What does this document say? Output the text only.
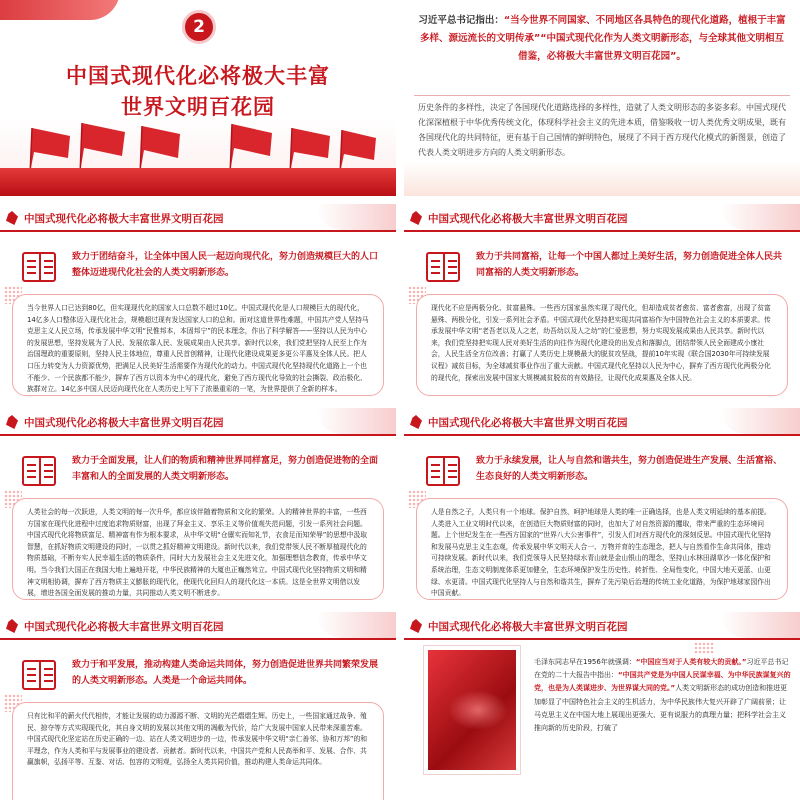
2
中国式现代化必将极大丰富
世界文明百花园
习近平总书记指出：“当今世界不同国家、不同地区各具特色的现代化道路，植根于丰富多样、源远流长的文明传承”“中国式现代化作为人类文明新形态，与全球其他文明相互借鉴，必将极大丰富世界文明百花园”。
历史条件的多样性，决定了各国现代化道路选择的多样性，造就了人类文明形态的多姿多彩。中国式现代化深深植根于中华优秀传统文化，体现科学社会主义的先进本质，借鉴吸收一切人类优秀文明成果，既有各国现代化的共同特征，更有基于自己国情的鲜明特色，展现了不同于西方现代化模式的新图景，创造了代表人类文明进步方向的人类文明新形态。
中国式现代化必将极大丰富世界文明百花园
致力于团结奋斗，让全体中国人民一起迈向现代化，努力创造规模巨大的人口整体迈进现代化社会的人类文明新形态。
当今世界人口已达到80亿，但实现现代化的国家人口总数不超过10亿。中国式现代化是人口规模巨大的现代化，14亿多人口整体迈入现代化社会，规模超过现有发达国家人口的总和。面对这道世界性难题，中国共产党人坚持马克思主义人民立场，传承发展中华文明“民惟邦本，本固邦宁”的民本理念，作出了科学解答——坚持以人民为中心的发展思想，坚持发展为了人民、发展依靠人民、发展成果由人民共享。新时代以来，我们党把坚持人民至上作为治国理政的重要原则，坚持人民主体地位，尊重人民首创精神，让现代化建设成果更多更公平惠及全体人民。把人口压力转变为人力资源优势，把满足人民美好生活需要作为现代化的动力。中国式现代化坚持现代化道路上一个也不能少、一个民族都不能少，摒弃了西方以资本为中心的现代化，避免了西方现代化导致的社会撕裂、政治极化、族群对立。14亿多中国人民迈向现代化在人类历史上写下了浓墨重彩的一笔，为世界提供了全新的样本。
中国式现代化必将极大丰富世界文明百花园
致力于共同富裕，让每一个中国人都过上美好生活，努力创造促进全体人民共同富裕的人类文明新形态。
现代化不应是两极分化、贫富悬殊。一些西方国家虽然实现了现代化，但却造成贫者愈贫、富者愈富，出现了贫富悬殊、两极分化，引发一系列社会矛盾。中国式现代化坚持把实现共同富裕作为中国特色社会主义的本质要求。传承发展中华文明“老吾老以及人之老，幼吾幼以及人之幼”的仁爱思想，努力实现发展成果由人民共享。新时代以来，我们党坚持把实现人民对美好生活的向往作为现代化建设的出发点和落脚点，团结带领人民全面建成小康社会，人民生活全方位改善；打赢了人类历史上规模最大的脱贫攻坚战，提前10年实现《联合国2030年可持续发展议程》减贫目标，为全球减贫事业作出了重大贡献。中国式现代化坚持以人民为中心，摒弃了西方现代化两极分化的现代化，探索出发展中国家大规模减贫脱贫的有效路径，让现代化成果惠及全体人民。
中国式现代化必将极大丰富世界文明百花园
致力于全面发展，让人们的物质和精神世界同样富足，努力创造促进物的全面丰富和人的全面发展的人类文明新形态。
人类社会的每一次跃进，人类文明的每一次升华，都应该伴随着物质和文化的繁荣。人的精神世界的丰富，一些西方国家在现代化进程中过度追求物质财富，出现了拜金主义、享乐主义等价值观失范问题，引发一系列社会问题。中国式现代化将物质富足、精神富有作为根本要求，从中华文明“仓廪实而知礼节，衣食足而知荣辱”的思想中汲取智慧，在抓好物质文明建设的同时，一以贯之抓好精神文明建设。新时代以来，我们党带领人民不断厚植现代化的物质基础，不断夯实人民幸福生活的物质条件，同时大力发展社会主义先进文化，加强理想信念教育，传承中华文明。当今我们大国正在我国大地上遍地开花，中华民族精神的大厦也正巍然耸立。中国式现代化坚持物质文明和精神文明相协调，摒弃了西方物质主义膨胀的现代化，使现代化回归人的现代化这一本质。这是全世界文明借以发展，增进各国全面发展的推动力量，共同推动人类文明不断进步。
中国式现代化必将极大丰富世界文明百花园
致力于永续发展，让人与自然和谐共生，努力创造促进生产发展、生活富裕、生态良好的人类文明新形态。
人是自然之子，人类只有一个地球。保护自然、呵护地球是人类的唯一正确选择，也是人类文明延续的基本前提。人类进入工业文明时代以来，在创造巨大物质财富的同时，也加大了对自然资源的攫取，带来严重的生态环境问题。上个世纪发生在一些西方国家的“世界八大公害事件”，引发人们对西方现代化的深刻反思。中国式现代化坚持和发展马克思主义生态观，传承发展中华文明天人合一、万物并育的生态理念，把人与自然看作生命共同体，推动可持续发展。新时代以来，我们党领导人民坚持绿水青山就是金山银山的理念，坚持山水林田湖草沙一体化保护和系统治理，生态文明制度体系更加健全，生态环境保护发生历史性、转折性、全局性变化，中国大地天更蓝、山更绿、水更清。中国式现代化坚持人与自然和谐共生，摒弃了先污染后治理的传统工业化道路，为保护地球家园作出中国贡献。
中国式现代化必将极大丰富世界文明百花园
致力于和平发展，推动构建人类命运共同体，努力创造促进世界共同繁荣发展的人类文明新形态。人类是一个命运共同体。
只有比和平的薪火代代相传，才能让发展的动力源源不断、文明的光芒熠熠生辉。历史上，一些国家通过战争、殖民、掠夺等方式实现现代化，其自身文明的发展以其他文明的凋敝为代价，给广大发展中国家人民带来深重苦难。中国式现代化坚定站在历史正确的一边、站在人类文明进步的一边，传承发展中华文明“亲仁善邻、协和万邦”的和平理念，作为人类和平与发展事业的建设者、贡献者。新时代以来，中国共产党和人民高举和平、发展、合作、共赢旗帜，弘扬平等、互鉴、对话、包容的文明观，弘扬全人类共同价值，推动构建人类命运共同体。
中国式现代化必将极大丰富世界文明百花园
毛泽东同志早在1956年就强调：“中国应当对于人类有较大的贡献。”习近平总书记在党的二十大报告中指出：“中国共产党是为中国人民谋幸福、为中华民族谋复兴的党，也是为人类谋进步、为世界谋大同的党。”人类文明新形态的成功创造和推进更加彰显了中国特色社会主义的生机活力，为中华民族伟大复兴开辟了广阔前景；让马克思主义在中国大地上展现出更强大、更有说服力的真理力量；把科学社会主义推向新的历史阶段，打破了
